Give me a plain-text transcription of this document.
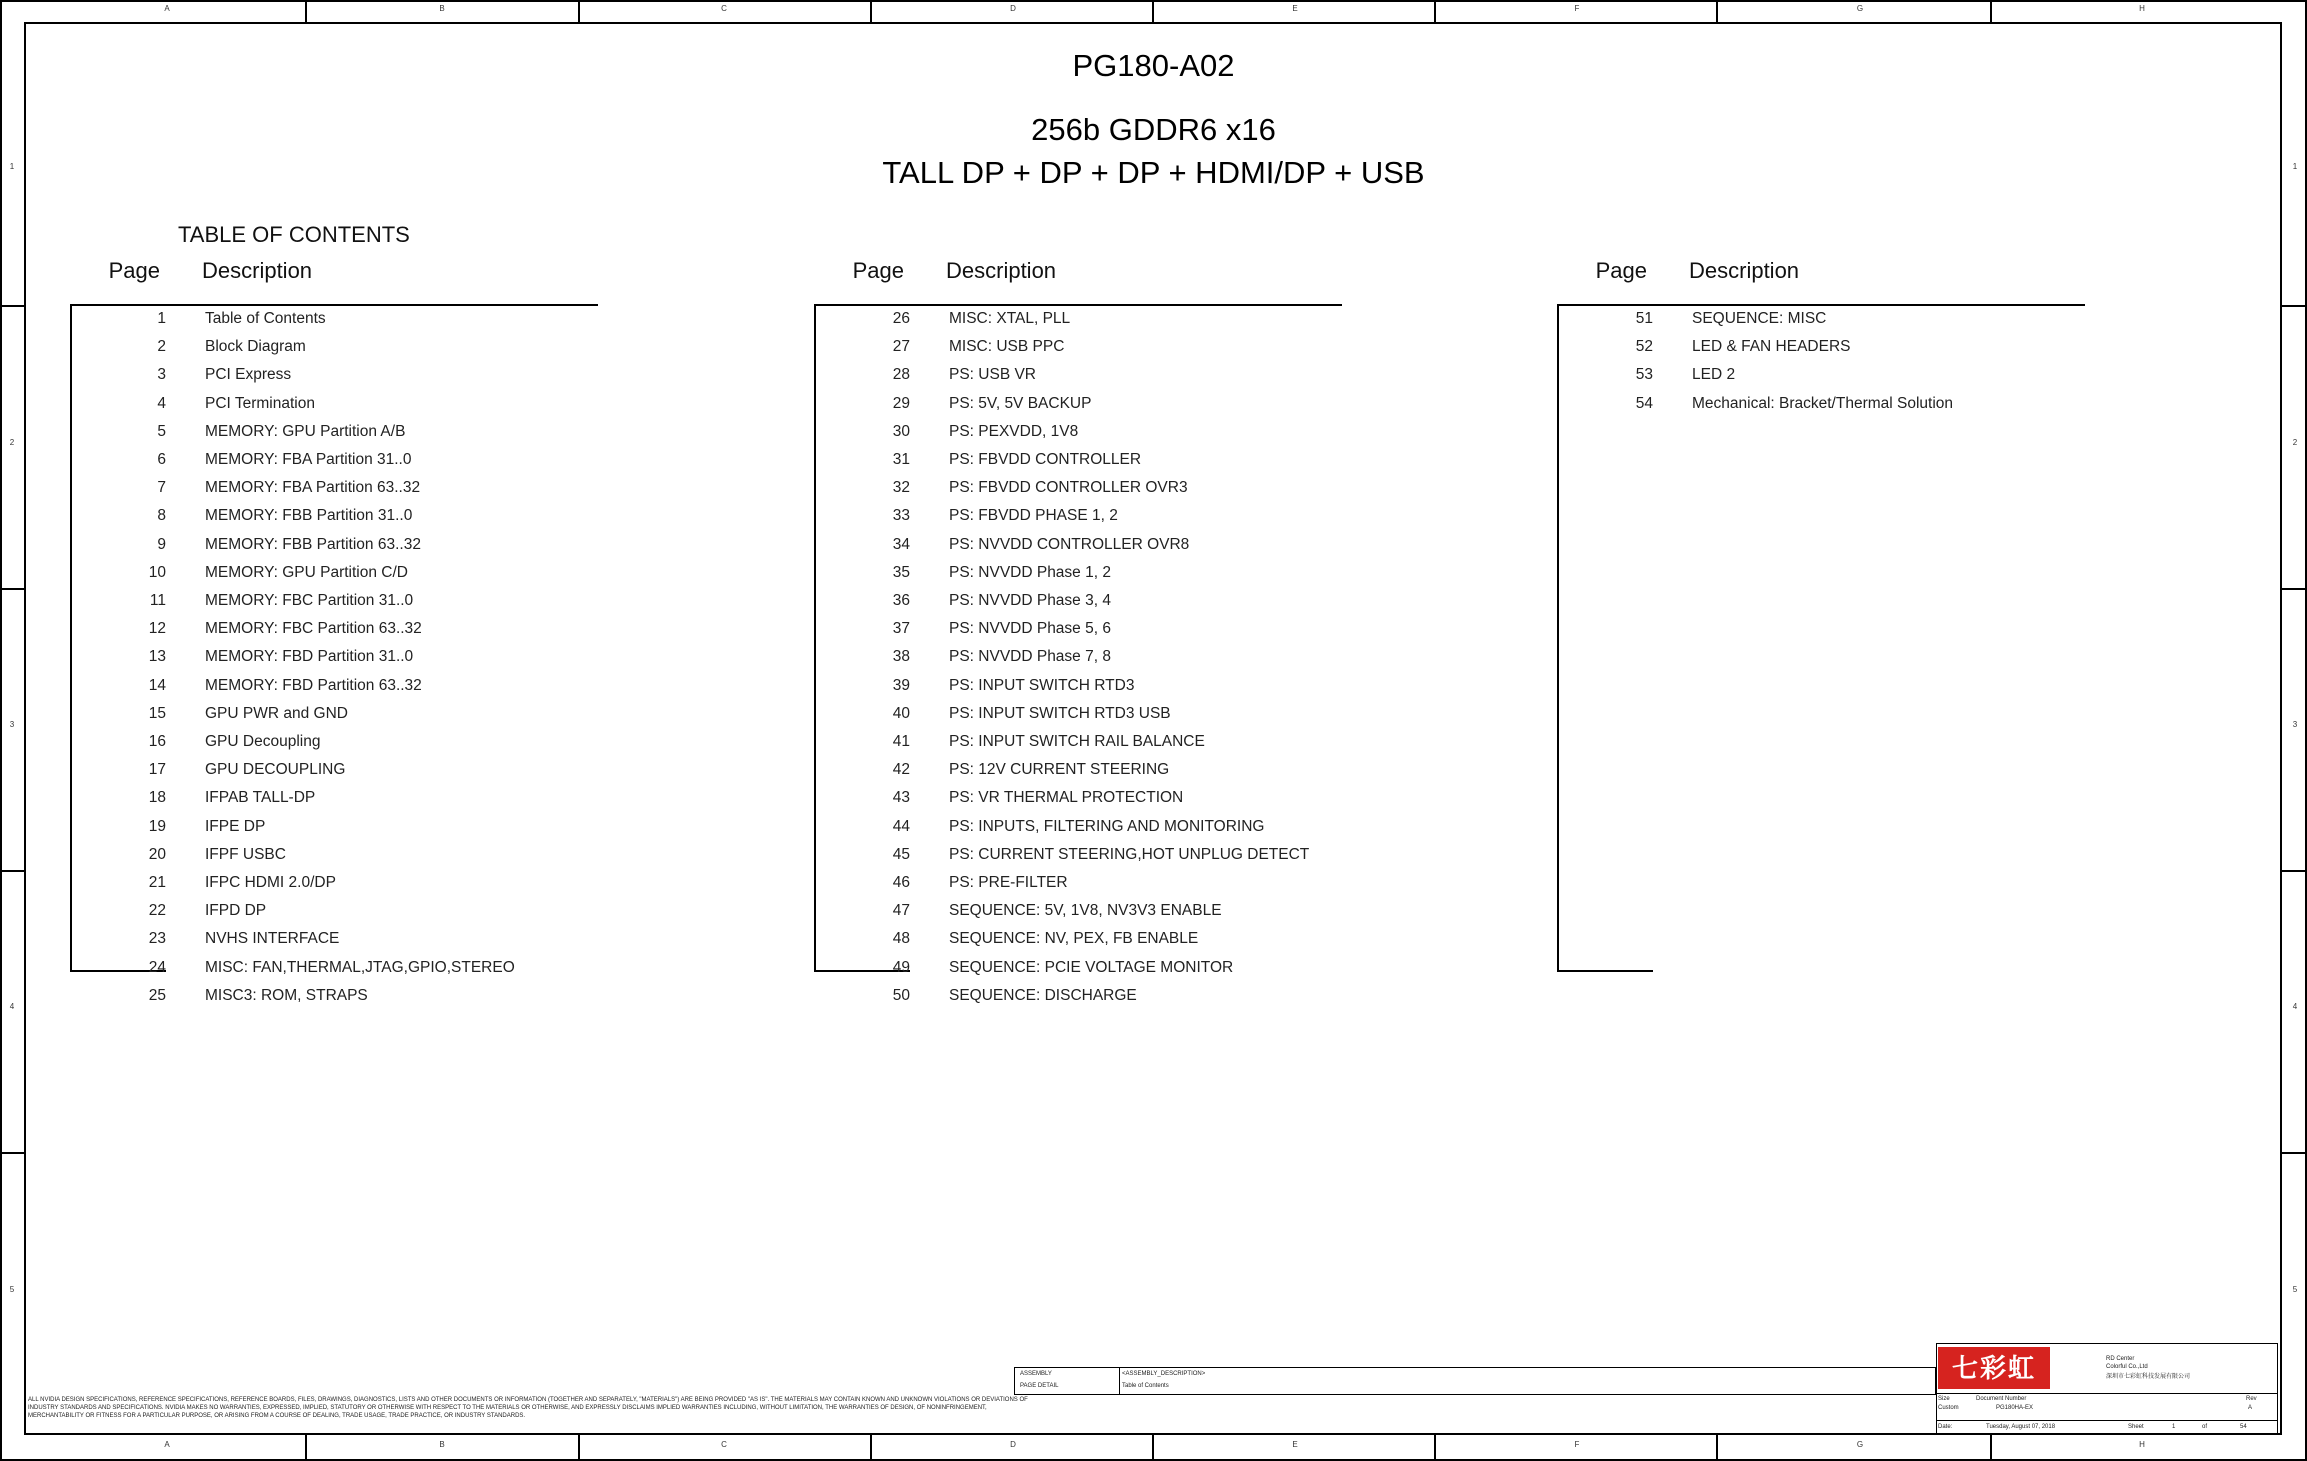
A	B	C	D	E	F	G	H
A	B	C	D	E	F	G	H
1
2
3
4
5
1
2
3
4
5
PG180-A02
256b GDDR6 x16
TALL DP + DP + DP + HDMI/DP + USB
TABLE OF CONTENTS
Page Description
1	Table of Contents
2	Block Diagram
3	PCI Express
4	PCI Termination
5	MEMORY: GPU Partition A/B
6	MEMORY: FBA Partition 31..0
7	MEMORY: FBA Partition 63..32
8	MEMORY: FBB Partition 31..0
9	MEMORY: FBB Partition 63..32
10	MEMORY: GPU Partition C/D
11	MEMORY: FBC Partition 31..0
12	MEMORY: FBC Partition 63..32
13	MEMORY: FBD Partition 31..0
14	MEMORY: FBD Partition 63..32
15	GPU PWR and GND
16	GPU Decoupling
17	GPU DECOUPLING
18	IFPAB TALL-DP
19	IFPE DP
20	IFPF USBC
21	IFPC HDMI 2.0/DP
22	IFPD DP
23	NVHS INTERFACE
24	MISC: FAN,THERMAL,JTAG,GPIO,STEREO
25	MISC3: ROM, STRAPS
Page Description
26	MISC: XTAL, PLL
27	MISC: USB PPC
28	PS: USB VR
29	PS: 5V, 5V BACKUP
30	PS: PEXVDD, 1V8
31	PS: FBVDD CONTROLLER
32	PS: FBVDD CONTROLLER OVR3
33	PS: FBVDD PHASE 1, 2
34	PS: NVVDD CONTROLLER OVR8
35	PS: NVVDD Phase 1, 2
36	PS: NVVDD Phase 3, 4
37	PS: NVVDD Phase 5, 6
38	PS: NVVDD Phase 7, 8
39	PS: INPUT SWITCH RTD3
40	PS: INPUT SWITCH RTD3 USB
41	PS: INPUT SWITCH RAIL BALANCE
42	PS: 12V CURRENT STEERING
43	PS: VR THERMAL PROTECTION
44	PS: INPUTS, FILTERING AND MONITORING
45	PS: CURRENT STEERING,HOT UNPLUG DETECT
46	PS: PRE-FILTER
47	SEQUENCE: 5V, 1V8, NV3V3 ENABLE
48	SEQUENCE: NV, PEX, FB ENABLE
49	SEQUENCE: PCIE VOLTAGE MONITOR
50	SEQUENCE: DISCHARGE
Page Description
51	SEQUENCE: MISC
52	LED & FAN HEADERS
53	LED 2
54	Mechanical: Bracket/Thermal Solution
ASSEMBLY	<ASSEMBLY_DESCRIPTION>
PAGE DETAIL	Table of Contents
七彩虹	RD Center
Colorful Co.,Ltd
深圳市七彩虹科技发展有限公司
Size
Custom
Document Number
PG180HA-EX
Rev
A
Date:	Tuesday, August 07, 2018	Sheet	1	of	54
ALL NVIDIA DESIGN SPECIFICATIONS, REFERENCE SPECIFICATIONS, REFERENCE BOARDS, FILES, DRAWINGS, DIAGNOSTICS, LISTS AND OTHER DOCUMENTS OR INFORMATION (TOGETHER AND SEPARATELY, "MATERIALS") ARE BEING PROVIDED "AS IS". THE MATERIALS MAY CONTAIN KNOWN AND UNKNOWN VIOLATIONS OR DEVIATIONS OF INDUSTRY STANDARDS AND SPECIFICATIONS. NVIDIA MAKES NO WARRANTIES, EXPRESSED, IMPLIED, STATUTORY OR OTHERWISE WITH RESPECT TO THE MATERIALS OR OTHERWISE, AND EXPRESSLY DISCLAIMS IMPLIED WARRANTIES INCLUDING, WITHOUT LIMITATION, THE WARRANTIES OF DESIGN, OF NONINFRINGEMENT, MERCHANTABILITY OR FITNESS FOR A PARTICULAR PURPOSE, OR ARISING FROM A COURSE OF DEALING, TRADE USAGE, TRADE PRACTICE, OR INDUSTRY STANDARDS.
